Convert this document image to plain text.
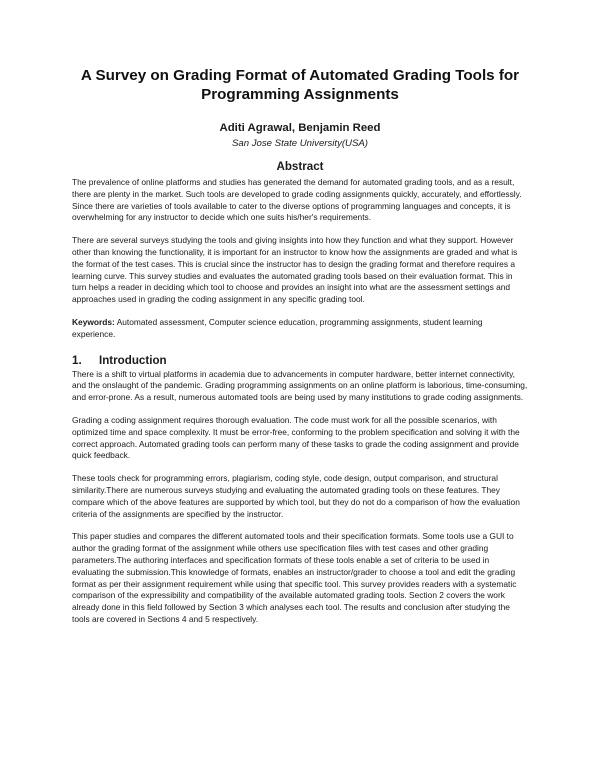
A Survey on Grading Format of Automated Grading Tools for Programming Assignments
Aditi Agrawal, Benjamin Reed
San Jose State University(USA)
Abstract

The prevalence of online platforms and studies has generated the demand for automated grading tools, and as a result, there are plenty in the market. Such tools are developed to grade coding assignments quickly, accurately, and effortlessly. Since there are varieties of tools available to cater to the diverse options of programming languages and concepts, it is overwhelming for any instructor to decide which one suits his/her's requirements.

There are several surveys studying the tools and giving insights into how they function and what they support. However other than knowing the functionality, it is important for an instructor to know how the assignments are graded and what is the format of the test cases. This is crucial since the instructor has to design the grading format and therefore requires a learning curve. This survey studies and evaluates the automated grading tools based on their evaluation format. This in turn helps a reader in deciding which tool to choose and provides an insight into what are the assessment settings and approaches used in grading the coding assignment in any specific grading tool.

Keywords: Automated assessment, Computer science education, programming assignments, student learning experience.

1. Introduction

There is a shift to virtual platforms in academia due to advancements in computer hardware, better internet connectivity, and the onslaught of the pandemic. Grading programming assignments on an online platform is laborious, time-consuming, and error-prone. As a result, numerous automated tools are being used by many institutions to grade coding assignments.

Grading a coding assignment requires thorough evaluation. The code must work for all the possible scenarios, with optimized time and space complexity. It must be error-free, conforming to the problem specification and solving it with the correct approach. Automated grading tools can perform many of these tasks to grade the coding assignment and provide quick feedback.

These tools check for programming errors, plagiarism, coding style, code design, output comparison, and structural similarity.There are numerous surveys studying and evaluating the automated grading tools on these features. They compare which of the above features are supported by which tool, but they do not do a comparison of how the evaluation criteria of the assignments are specified by the instructor.

This paper studies and compares the different automated tools and their specification formats. Some tools use a GUI to author the grading format of the assignment while others use specification files with test cases and other grading parameters.The authoring interfaces and specification formats of these tools enable a set of criteria to be used in evaluating the submission.This knowledge of formats, enables an instructor/grader to choose a tool and edit the grading format as per their assignment requirement while using that specific tool. This survey provides readers with a systematic comparison of the expressibility and compatibility of the available automated grading tools. Section 2 covers the work already done in this field followed by Section 3 which analyses each tool. The results and conclusion after studying the tools are covered in Sections 4 and 5 respectively.
